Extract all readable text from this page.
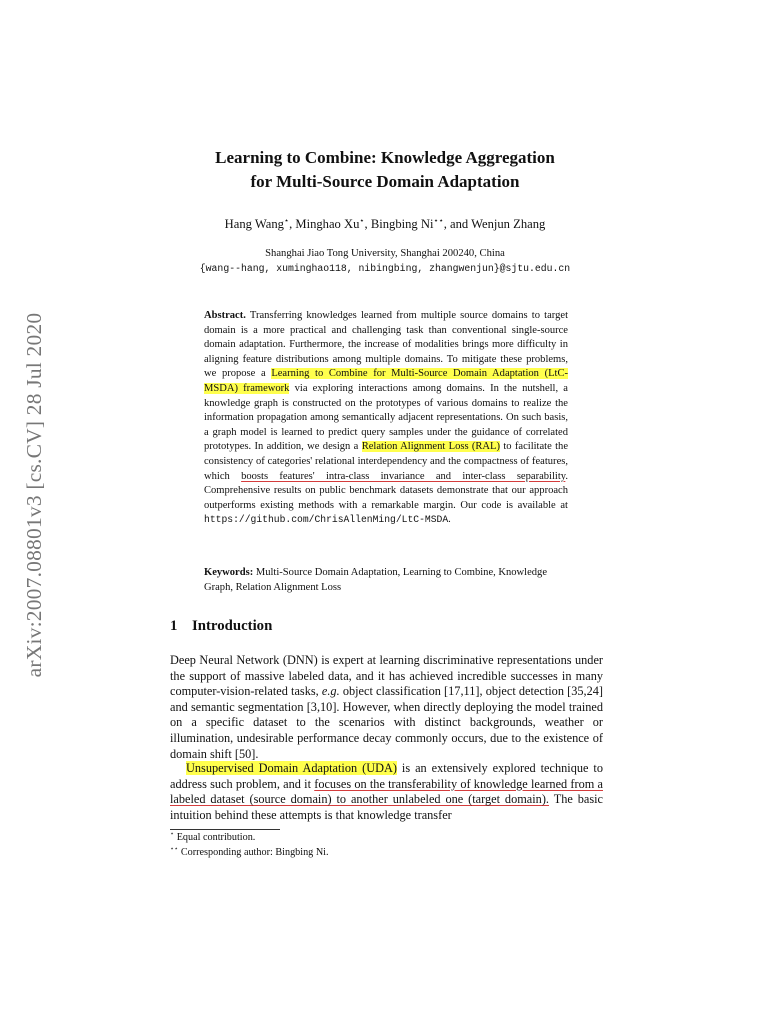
arXiv:2007.08801v3 [cs.CV] 28 Jul 2020
Learning to Combine: Knowledge Aggregation
for Multi-Source Domain Adaptation
Hang Wang⋆, Minghao Xu⋆, Bingbing Ni⋆⋆, and Wenjun Zhang
Shanghai Jiao Tong University, Shanghai 200240, China
{wang--hang, xuminghao118, nibingbing, zhangwenjun}@sjtu.edu.cn
Abstract. Transferring knowledges learned from multiple source domains to target domain is a more practical and challenging task than conventional single-source domain adaptation. Furthermore, the increase of modalities brings more difficulty in aligning feature distributions among multiple domains. To mitigate these problems, we propose a Learning to Combine for Multi-Source Domain Adaptation (LtC-MSDA) framework via exploring interactions among domains. In the nutshell, a knowledge graph is constructed on the prototypes of various domains to realize the information propagation among semantically adjacent representations. On such basis, a graph model is learned to predict query samples under the guidance of correlated prototypes. In addition, we design a Relation Alignment Loss (RAL) to facilitate the consistency of categories' relational interdependency and the compactness of features, which boosts features' intra-class invariance and inter-class separability. Comprehensive results on public benchmark datasets demonstrate that our approach outperforms existing methods with a remarkable margin. Our code is available at https://github.com/ChrisAllenMing/LtC-MSDA.
Keywords: Multi-Source Domain Adaptation, Learning to Combine, Knowledge Graph, Relation Alignment Loss
1 Introduction
Deep Neural Network (DNN) is expert at learning discriminative representations under the support of massive labeled data, and it has achieved incredible successes in many computer-vision-related tasks, e.g. object classification [17,11], object detection [35,24] and semantic segmentation [3,10]. However, when directly deploying the model trained on a specific dataset to the scenarios with distinct backgrounds, weather or illumination, undesirable performance decay commonly occurs, due to the existence of domain shift [50].
Unsupervised Domain Adaptation (UDA) is an extensively explored technique to address such problem, and it focuses on the transferability of knowledge learned from a labeled dataset (source domain) to another unlabeled one (target domain). The basic intuition behind these attempts is that knowledge transfer
⋆ Equal contribution.
⋆⋆ Corresponding author: Bingbing Ni.
